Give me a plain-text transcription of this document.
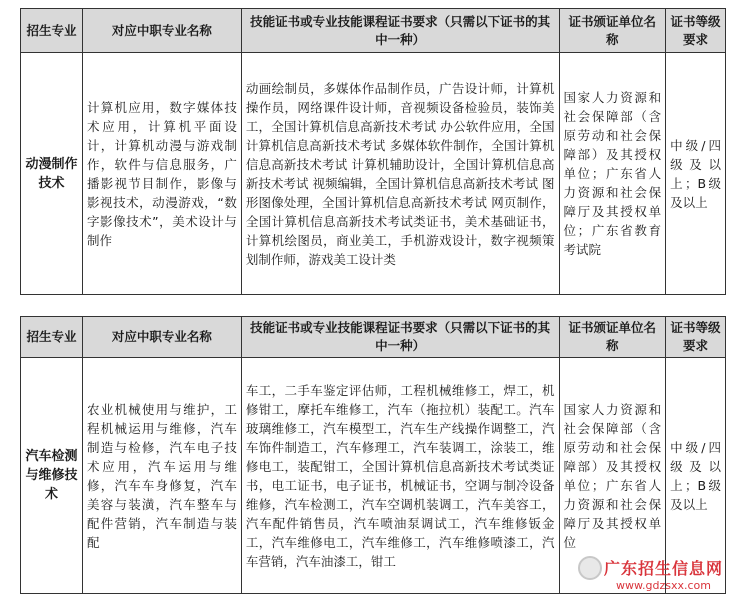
招生专业	对应中职专业名称	技能证书或专业技能课程证书要求（只需以下证书的其中一种）	证书颁证单位名称	证书等级要求
动漫制作技术	计算机应用，数字媒体技术应用，计算机平面设计，计算机动漫与游戏制作，软件与信息服务，广播影视节目制作，影像与影视技术，动漫游戏，“数字影像技术”，美术设计与制作	动画绘制员，多媒体作品制作员，广告设计师，计算机操作员，网络课件设计师，音视频设备检验员，装饰美工，全国计算机信息高新技术考试 办公软件应用，全国计算机信息高新技术考试 多媒体软件制作，全国计算机信息高新技术考试 计算机辅助设计，全国计算机信息高新技术考试 视频编辑，全国计算机信息高新技术考试 图形图像处理，全国计算机信息高新技术考试 网页制作，全国计算机信息高新技术考试类证书，美术基础证书，计算机绘图员，商业美工，手机游戏设计，数字视频策划制作师，游戏美工设计类	国家人力资源和社会保障部（含原劳动和社会保障部）及其授权单位；广东省人力资源和社会保障厅及其授权单位；广东省教育考试院	中级/四级及以上；B级及以上
招生专业	对应中职专业名称	技能证书或专业技能课程证书要求（只需以下证书的其中一种）	证书颁证单位名称	证书等级要求
汽车检测与维修技术	农业机械使用与维护，工程机械运用与维修，汽车制造与检修，汽车电子技术应用，汽车运用与维修，汽车车身修复，汽车美容与装潢，汽车整车与配件营销，汽车制造与装配	车工，二手车鉴定评估师，工程机械维修工，焊工，机修钳工，摩托车维修工，汽车（拖拉机）装配工。汽车玻璃维修工，汽车模型工，汽车生产线操作调整工，汽车饰件制造工，汽车修理工，汽车装调工，涂装工，维修电工，装配钳工，全国计算机信息高新技术考试类证书，电工证书，电子证书，机械证书，空调与制冷设备维修，汽车检测工，汽车空调机装调工，汽车美容工，汽车配件销售员，汽车喷油泵调试工，汽车维修钣金工，汽车维修电工，汽车维修工，汽车维修喷漆工，汽车营销，汽车油漆工，钳工	国家人力资源和社会保障部（含原劳动和社会保障部）及其授权单位；广东省人力资源和社会保障厅及其授权单位	中级/四级及以上；B级及以上
广东招生信息网
www.gdzsxx.com
